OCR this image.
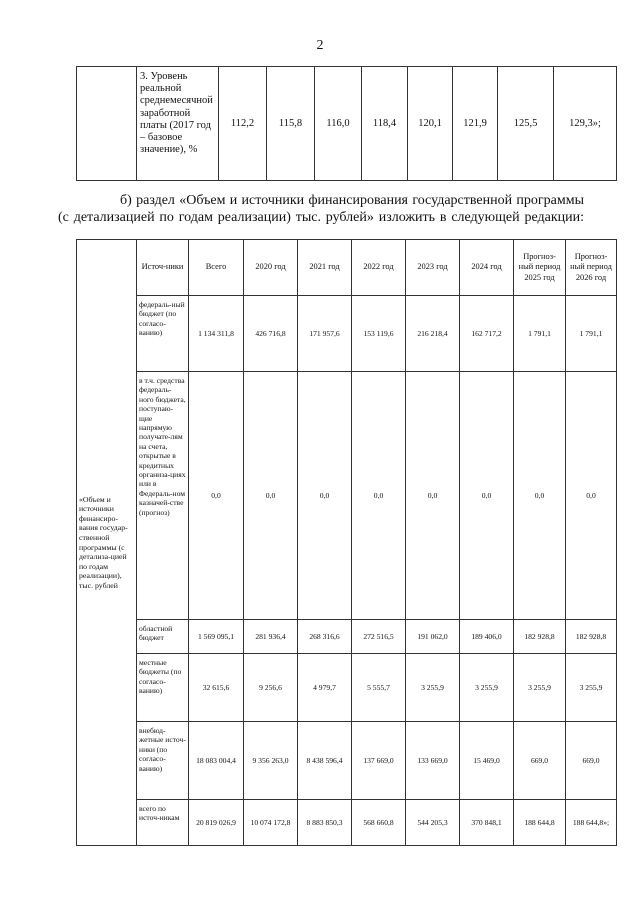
2
	3. Уровень реальной среднемесячной заработной платы (2017 год – базовое значение), %	112,2	115,8	116,0	118,4	120,1	121,9	125,5	129,3»;
б) раздел «Объем и источники финансирования государственной программы
(с детализацией по годам реализации) тыс. рублей» изложить в следующей редакции:
«Объем и источники финансиро-вания государ-ственной программы (с детализа-цией по годам реализации), тыс. рублей	Источ-ники	Всего	2020 год	2021 год	2022 год	2023 год	2024 год	Прогноз-ный период 2025 год	Прогноз-ный период 2026 год
	федераль-ный бюджет (по согласо-ванию)	1 134 311,8	426 716,8	171 957,6	153 119,6	216 218,4	162 717,2	1 791,1	1 791,1
	в т.ч. средства федераль-ного бюджета, поступаю-щие напрямую получате-лям на счета, открытые в кредитных организа-циях или в Федераль-ном казначей-стве (прогноз)	0,0	0,0	0,0	0,0	0,0	0,0	0,0	0,0
	областной бюджет	1 569 095,1	281 936,4	268 316,6	272 516,5	191 062,0	189 406,0	182 928,8	182 928,8
	местные бюджеты (по согласо-ванию)	32 615,6	9 256,6	4 979,7	5 555,7	3 255,9	3 255,9	3 255,9	3 255,9
	внебюд-жетные источ-ники (по согласо-ванию)	18 083 004,4	9 356 263,0	8 438 596,4	137 669,0	133 669,0	15 469,0	669,0	669,0
	всего по источ-никам	20 819 026,9	10 074 172,8	8 883 850,3	568 660,8	544 205,3	370 848,1	188 644,8	188 644,8»;
